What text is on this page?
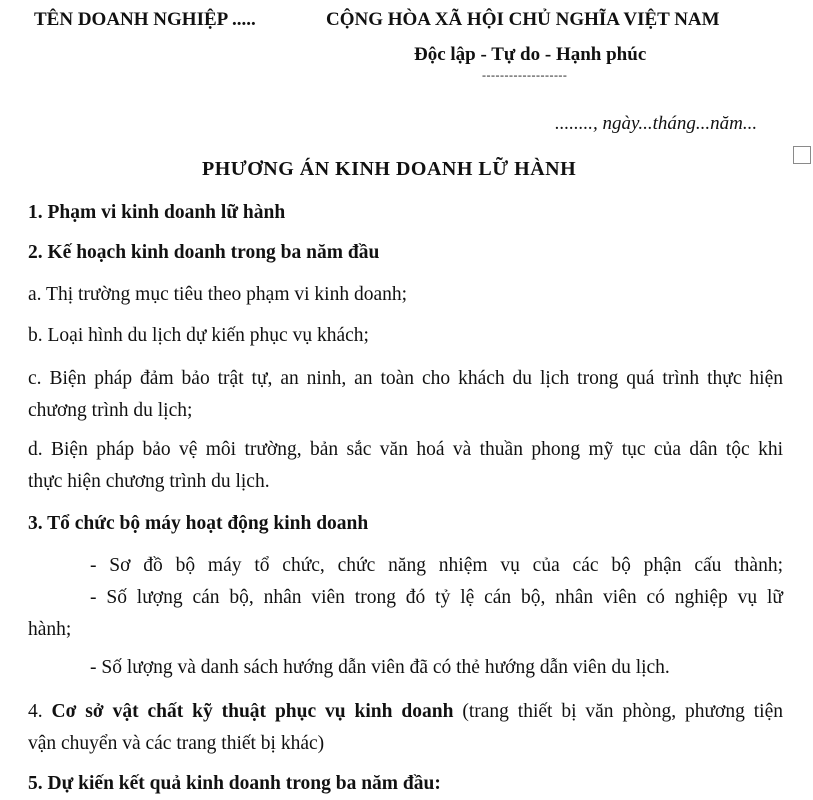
TÊN DOANH NGHIỆP .....	CỘNG HÒA XÃ HỘI CHỦ NGHĨA VIỆT NAM
Độc lập - Tự do - Hạnh phúc
-------------------
........, ngày...tháng...năm...
PHƯƠNG ÁN KINH DOANH LỮ HÀNH
1. Phạm vi kinh doanh lữ hành
2. Kế hoạch kinh doanh trong ba năm đầu
a. Thị trường mục tiêu theo phạm vi kinh doanh;
b. Loại hình du lịch dự kiến phục vụ khách;
c. Biện pháp đảm bảo trật tự, an ninh, an toàn cho khách du lịch trong quá trình thực hiện
chương trình du lịch;
d. Biện pháp bảo vệ môi trường, bản sắc văn hoá và thuần phong mỹ tục của dân tộc khi
thực hiện chương trình du lịch.
3. Tổ chức bộ máy hoạt động kinh doanh
- Sơ đồ bộ máy tổ chức, chức năng nhiệm vụ của các bộ phận cấu thành;
- Số lượng cán bộ, nhân viên trong đó tỷ lệ cán bộ, nhân viên có nghiệp vụ lữ
hành;
- Số lượng và danh sách hướng dẫn viên đã có thẻ hướng dẫn viên du lịch.
4. Cơ sở vật chất kỹ thuật phục vụ kinh doanh (trang thiết bị văn phòng, phương tiện
vận chuyển và các trang thiết bị khác)
5. Dự kiến kết quả kinh doanh trong ba năm đầu:
